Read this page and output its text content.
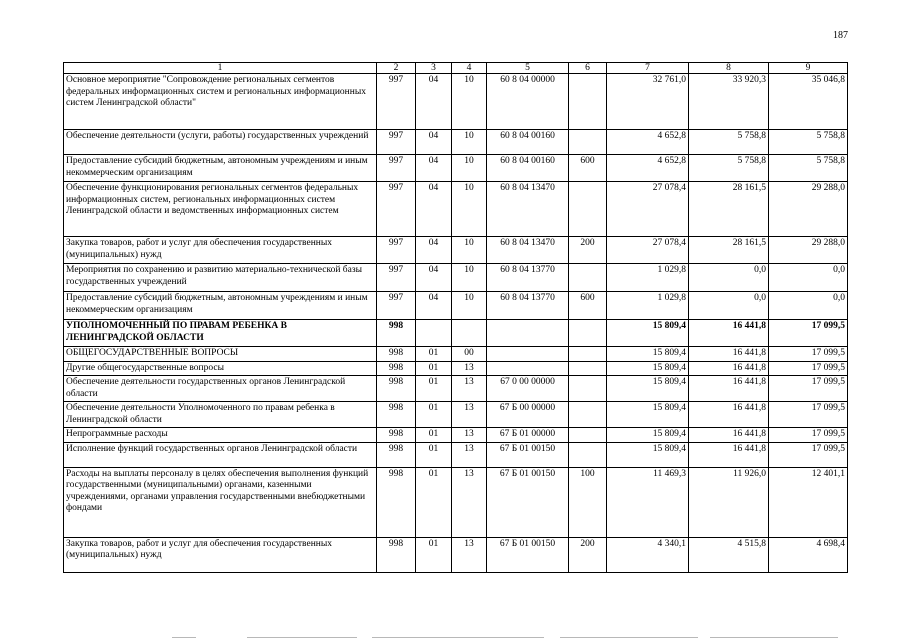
187
1	2	3	4	5	6	7	8	9
Основное мероприятие "Сопровождение региональных сегментов федеральных информационных систем и региональных информационных систем Ленинградской области"	997	04	10	60 8 04 00000		32 761,0	33 920,3	35 046,8
Обеспечение деятельности (услуги, работы) государственных учреждений	997	04	10	60 8 04 00160		4 652,8	5 758,8	5 758,8
Предоставление субсидий бюджетным, автономным учреждениям и иным некоммерческим организациям	997	04	10	60 8 04 00160	600	4 652,8	5 758,8	5 758,8
Обеспечение функционирования региональных сегментов федеральных информационных систем, региональных информационных систем Ленинградской области и ведомственных информационных систем	997	04	10	60 8 04 13470		27 078,4	28 161,5	29 288,0
Закупка товаров, работ и услуг для обеспечения государственных (муниципальных) нужд	997	04	10	60 8 04 13470	200	27 078,4	28 161,5	29 288,0
Мероприятия по сохранению и развитию материально-технической базы государственных учреждений	997	04	10	60 8 04 13770		1 029,8	0,0	0,0
Предоставление субсидий бюджетным, автономным учреждениям и иным некоммерческим организациям	997	04	10	60 8 04 13770	600	1 029,8	0,0	0,0
УПОЛНОМОЧЕННЫЙ ПО ПРАВАМ РЕБЕНКА В ЛЕНИНГРАДСКОЙ ОБЛАСТИ	998					15 809,4	16 441,8	17 099,5
ОБЩЕГОСУДАРСТВЕННЫЕ ВОПРОСЫ	998	01	00			15 809,4	16 441,8	17 099,5
Другие общегосударственные вопросы	998	01	13			15 809,4	16 441,8	17 099,5
Обеспечение деятельности государственных органов Ленинградской области	998	01	13	67 0 00 00000		15 809,4	16 441,8	17 099,5
Обеспечение деятельности Уполномоченного по правам ребенка в Ленинградской области	998	01	13	67 Б 00 00000		15 809,4	16 441,8	17 099,5
Непрограммные расходы	998	01	13	67 Б 01 00000		15 809,4	16 441,8	17 099,5
Исполнение функций государственных органов Ленинградской области	998	01	13	67 Б 01 00150		15 809,4	16 441,8	17 099,5
Расходы на выплаты персоналу в целях обеспечения выполнения функций государственными (муниципальными) органами, казенными учреждениями, органами управления государственными внебюджетными фондами	998	01	13	67 Б 01 00150	100	11 469,3	11 926,0	12 401,1
Закупка товаров, работ и услуг для обеспечения государственных (муниципальных) нужд	998	01	13	67 Б 01 00150	200	4 340,1	4 515,8	4 698,4
